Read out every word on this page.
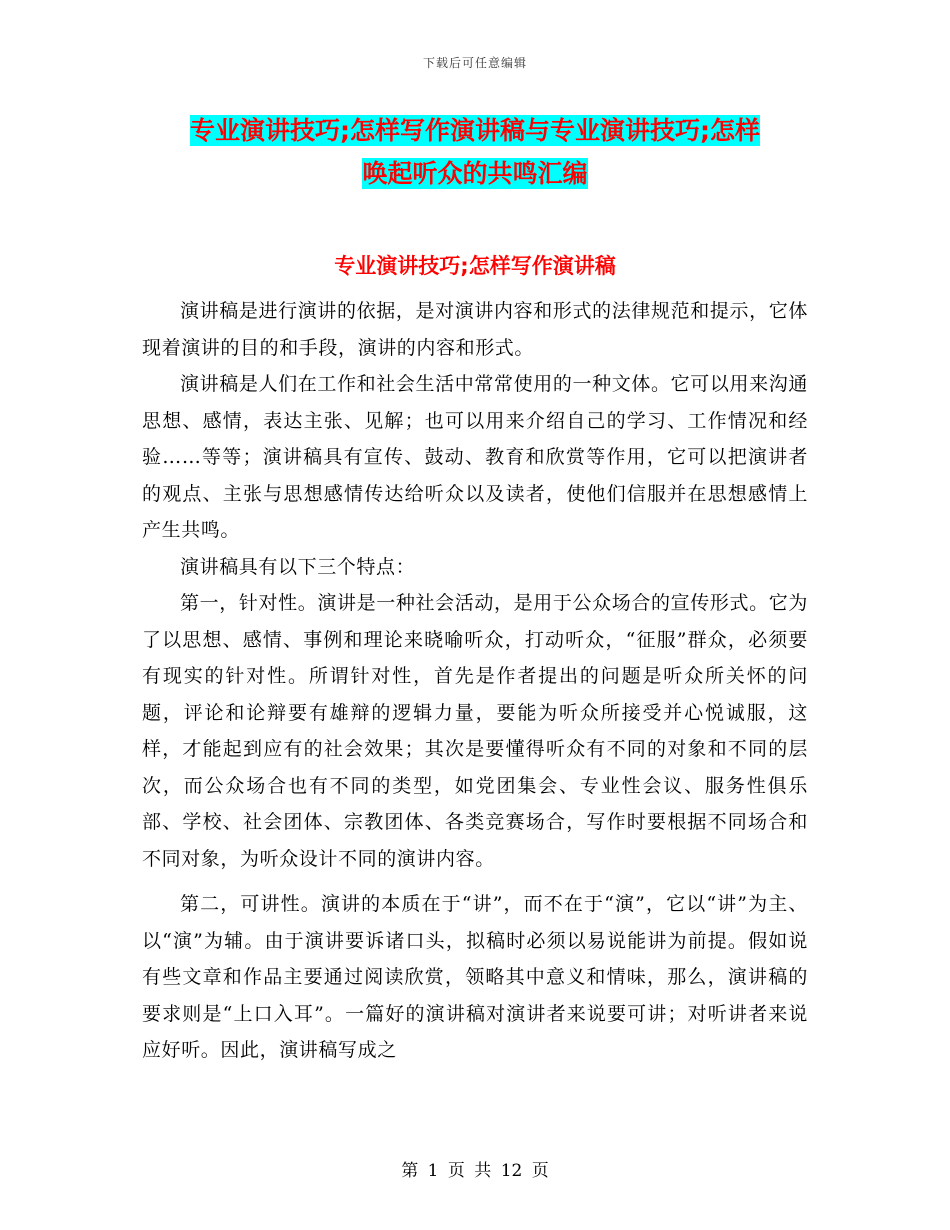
下载后可任意编辑
专业演讲技巧;怎样写作演讲稿与专业演讲技巧;怎样
唤起听众的共鸣汇编
专业演讲技巧;怎样写作演讲稿

演讲稿是进行演讲的依据，是对演讲内容和形式的法律规范和提示，它体现着演讲的目的和手段，演讲的内容和形式。

演讲稿是人们在工作和社会生活中常常使用的一种文体。它可以用来沟通思想、感情，表达主张、见解；也可以用来介绍自己的学习、工作情况和经验……等等；演讲稿具有宣传、鼓动、教育和欣赏等作用，它可以把演讲者的观点、主张与思想感情传达给听众以及读者，使他们信服并在思想感情上产生共鸣。

演讲稿具有以下三个特点：

第一，针对性。演讲是一种社会活动，是用于公众场合的宣传形式。它为了以思想、感情、事例和理论来晓喻听众，打动听众，“征服”群众，必须要有现实的针对性。所谓针对性，首先是作者提出的问题是听众所关怀的问题，评论和论辩要有雄辩的逻辑力量，要能为听众所接受并心悦诚服，这样，才能起到应有的社会效果；其次是要懂得听众有不同的对象和不同的层次，而公众场合也有不同的类型，如党团集会、专业性会议、服务性俱乐部、学校、社会团体、宗教团体、各类竞赛场合，写作时要根据不同场合和不同对象，为听众设计不同的演讲内容。

第二，可讲性。演讲的本质在于“讲”，而不在于“演”，它以“讲”为主、以“演”为辅。由于演讲要诉诸口头，拟稿时必须以易说能讲为前提。假如说有些文章和作品主要通过阅读欣赏，领略其中意义和情味，那么，演讲稿的要求则是“上口入耳”。一篇好的演讲稿对演讲者来说要可讲；对听讲者来说应好听。因此，演讲稿写成之

第 1 页 共 12 页
